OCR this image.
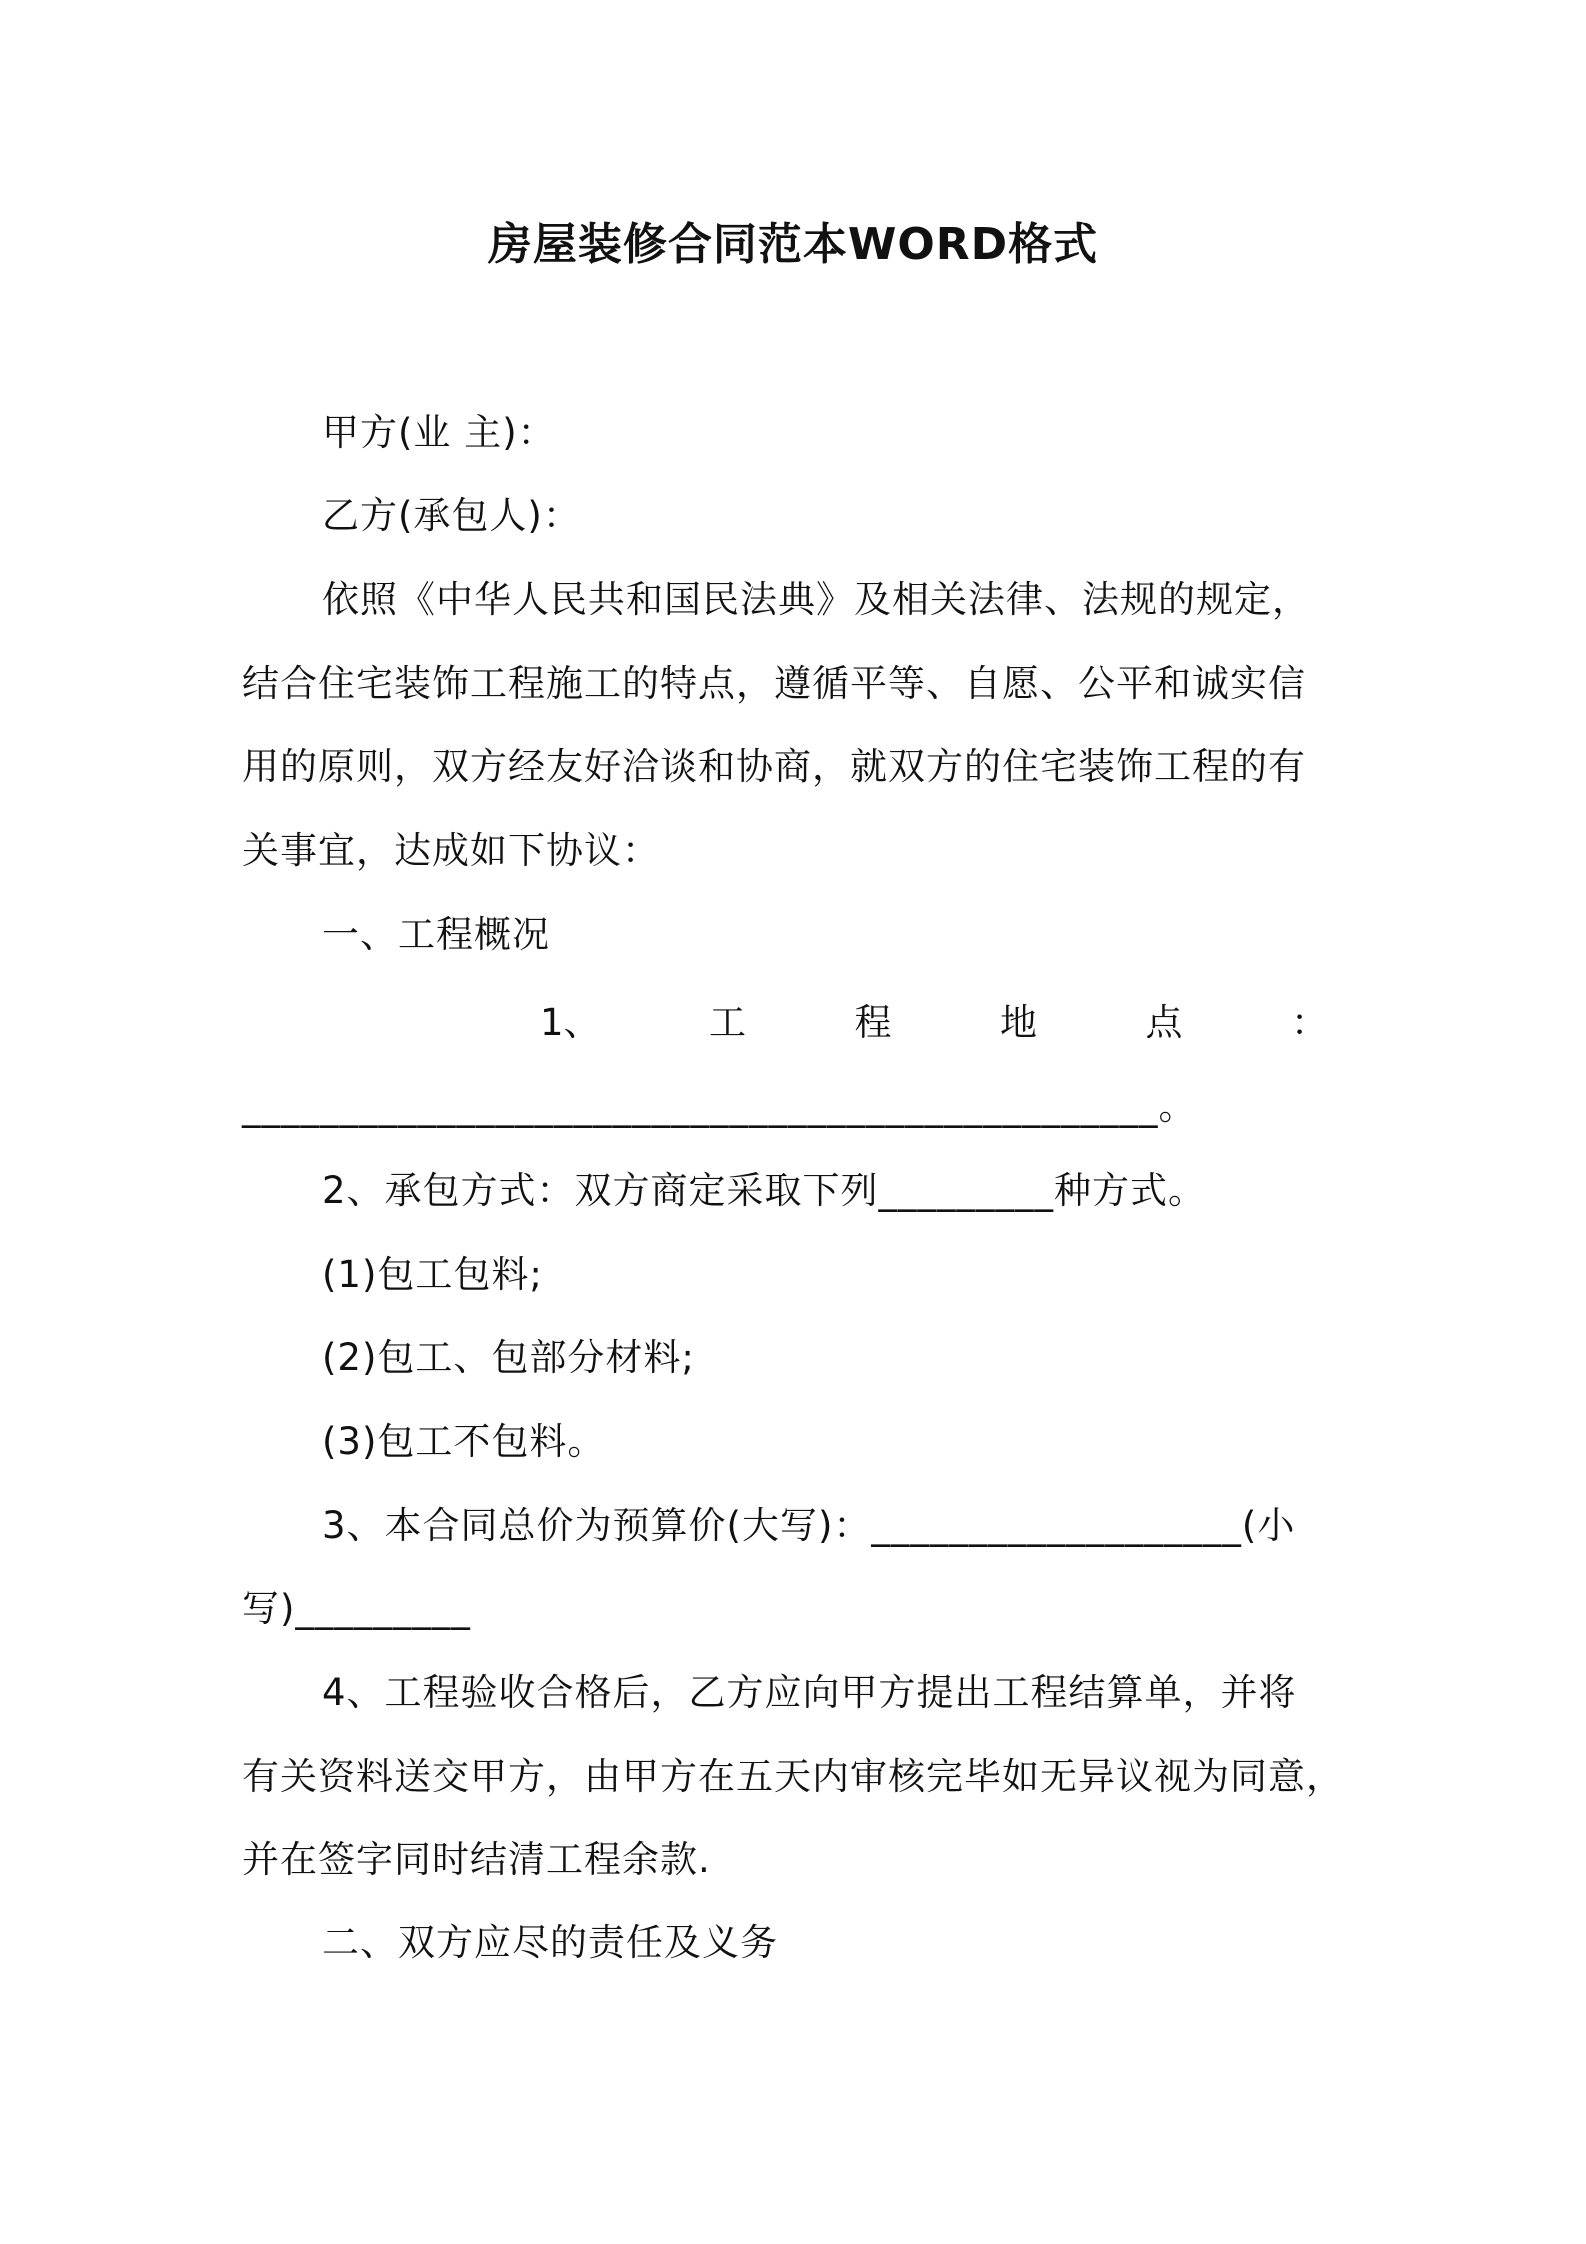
房屋装修合同范本WORD格式
甲方(业 主)：
乙方(承包人)：
依照《中华人民共和国民法典》及相关法律、法规的规定，
结合住宅装饰工程施工的特点，遵循平等、自愿、公平和诚实信
用的原则，双方经友好洽谈和协商，就双方的住宅装饰工程的有
关事宜，达成如下协议：
一、工程概况
1、	工	程	地	点	：
_______________________________________________。
2、承包方式：双方商定采取下列_________种方式。
(1)包工包料;
(2)包工、包部分材料;
(3)包工不包料。
3、本合同总价为预算价(大写)：___________________(小
写)_________
4、工程验收合格后，乙方应向甲方提出工程结算单，并将
有关资料送交甲方，由甲方在五天内审核完毕如无异议视为同意，
并在签字同时结清工程余款.
二、双方应尽的责任及义务
